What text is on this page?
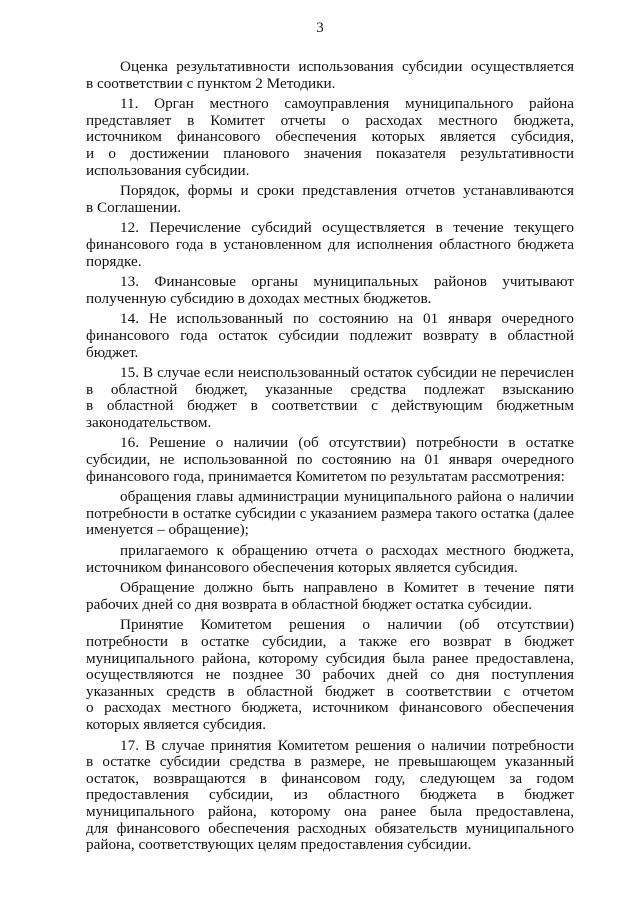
3
Оценка результативности использования субсидии осуществляется
в соответствии с пунктом 2 Методики.
11. Орган местного самоуправления муниципального района
представляет в Комитет отчеты о расходах местного бюджета,
источником финансового обеспечения которых является субсидия,
и о достижении планового значения показателя результативности
использования субсидии.
Порядок, формы и сроки представления отчетов устанавливаются
в Соглашении.
12. Перечисление субсидий осуществляется в течение текущего
финансового года в установленном для исполнения областного бюджета
порядке.
13. Финансовые органы муниципальных районов учитывают
полученную субсидию в доходах местных бюджетов.
14. Не использованный по состоянию на 01 января очередного
финансового года остаток субсидии подлежит возврату в областной
бюджет.
15. В случае если неиспользованный остаток субсидии не перечислен
в областной бюджет, указанные средства подлежат взысканию
в областной бюджет в соответствии с действующим бюджетным
законодательством.
16. Решение о наличии (об отсутствии) потребности в остатке
субсидии, не использованной по состоянию на 01 января очередного
финансового года, принимается Комитетом по результатам рассмотрения:
обращения главы администрации муниципального района о наличии
потребности в остатке субсидии с указанием размера такого остатка (далее
именуется – обращение);
прилагаемого к обращению отчета о расходах местного бюджета,
источником финансового обеспечения которых является субсидия.
Обращение должно быть направлено в Комитет в течение пяти
рабочих дней со дня возврата в областной бюджет остатка субсидии.
Принятие Комитетом решения о наличии (об отсутствии)
потребности в остатке субсидии, а также его возврат в бюджет
муниципального района, которому субсидия была ранее предоставлена,
осуществляются не позднее 30 рабочих дней со дня поступления
указанных средств в областной бюджет в соответствии с отчетом
о расходах местного бюджета, источником финансового обеспечения
которых является субсидия.
17. В случае принятия Комитетом решения о наличии потребности
в остатке субсидии средства в размере, не превышающем указанный
остаток, возвращаются в финансовом году, следующем за годом
предоставления субсидии, из областного бюджета в бюджет
муниципального района, которому она ранее была предоставлена,
для финансового обеспечения расходных обязательств муниципального
района, соответствующих целям предоставления субсидии.
